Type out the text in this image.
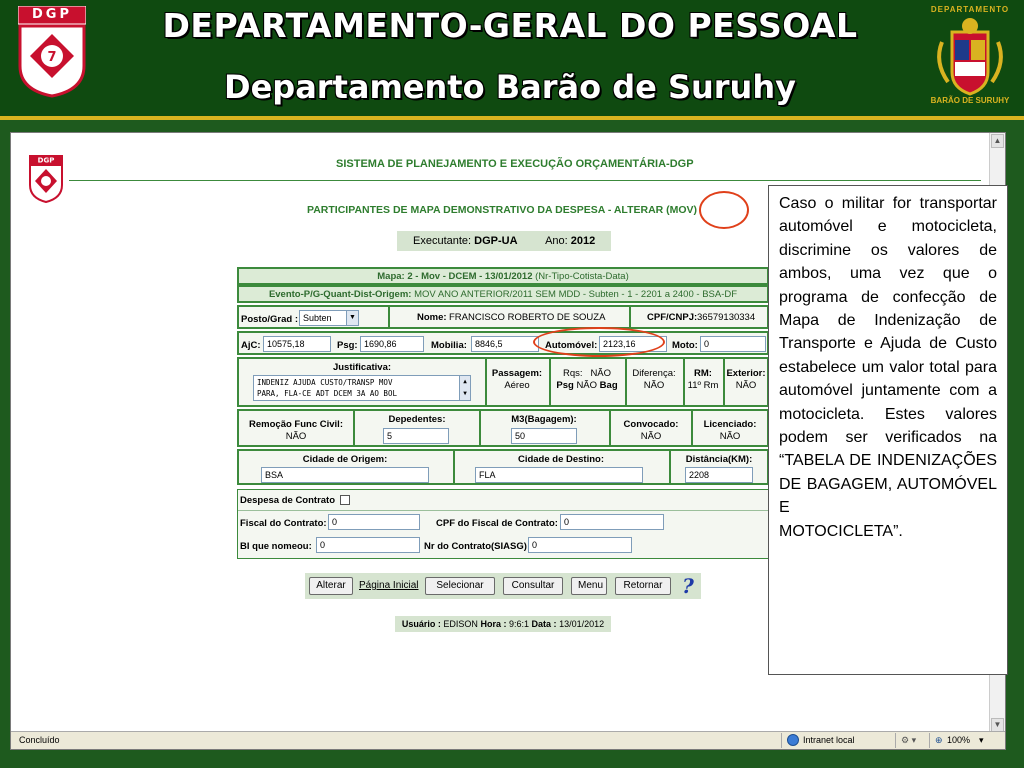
7
DGP	DEPARTAMENTO-GERAL DO PESSOAL
Departamento Barão de Suruhy
DEPARTAMENTO
BARÃO DE SURUHY
▲
▼
DGP	SISTEMA DE PLANEJAMENTO E EXECUÇÃO ORÇAMENTÁRIA-DGP
PARTICIPANTES DE MAPA DEMONSTRATIVO DA DESPESA - ALTERAR (MOV)
Executante: DGP-UA	Ano: 2012
Mapa: 2 - Mov - DCEM - 13/01/2012 (Nr-Tipo-Cotista-Data)
Evento-P/G-Quant-Dist-Origem: MOV ANO ANTERIOR/2011 SEM MDD - Subten - 1 - 2201 a 2400 - BSA-DF
Posto/Grad : Subten	▼	Nome: FRANCISCO ROBERTO DE SOUZA	CPF/CNPJ: 36579130334
AjC: 10575,18	Psg: 1690,86	Mobilia: 8846,5	Automóvel: 2123,16	Moto: 0
Justificativa:
INDENIZ AJUDA CUSTO/TRANSP MOV
PARA, FLA-CE ADT DCEM 3A AO BOL
▲
▼
Passagem:
Aéreo
Rqs: NÃO
Psg NÃO Bag
Diferença:
NÃO
RM:
11º Rm
Exterior:
NÃO
Remoção Func Civil:
NÃO
Depedentes:
5
M3(Bagagem):
50
Convocado:
NÃO
Licenciado:
NÃO
Cidade de Origem:
BSA
Cidade de Destino:
FLA
Distância(KM):
2208
Despesa de Contrato
Fiscal do Contrato: 0	CPF do Fiscal de Contrato: 0
BI que nomeou: 0	Nr do Contrato(SIASG) 0
Alterar	Página Inicial	Selecionar	Consultar	Menu	Retornar ?
Usuário : EDISON Hora : 9:6:1 Data : 13/01/2012
Concluído	Intranet local	⚙ ▾ ⊕ 100% ▾
Caso o militar for transportar automóvel e motocicleta, discrimine os valores de ambos, uma vez que o programa de confecção de Mapa de Indenização de Transporte e Ajuda de Custo estabelece um valor total para automóvel juntamente com a motocicleta. Estes valores podem ser verificados na “TABELA DE INDENIZAÇÕES DE BAGAGEM, AUTOMÓVEL E
MOTOCICLETA”.
